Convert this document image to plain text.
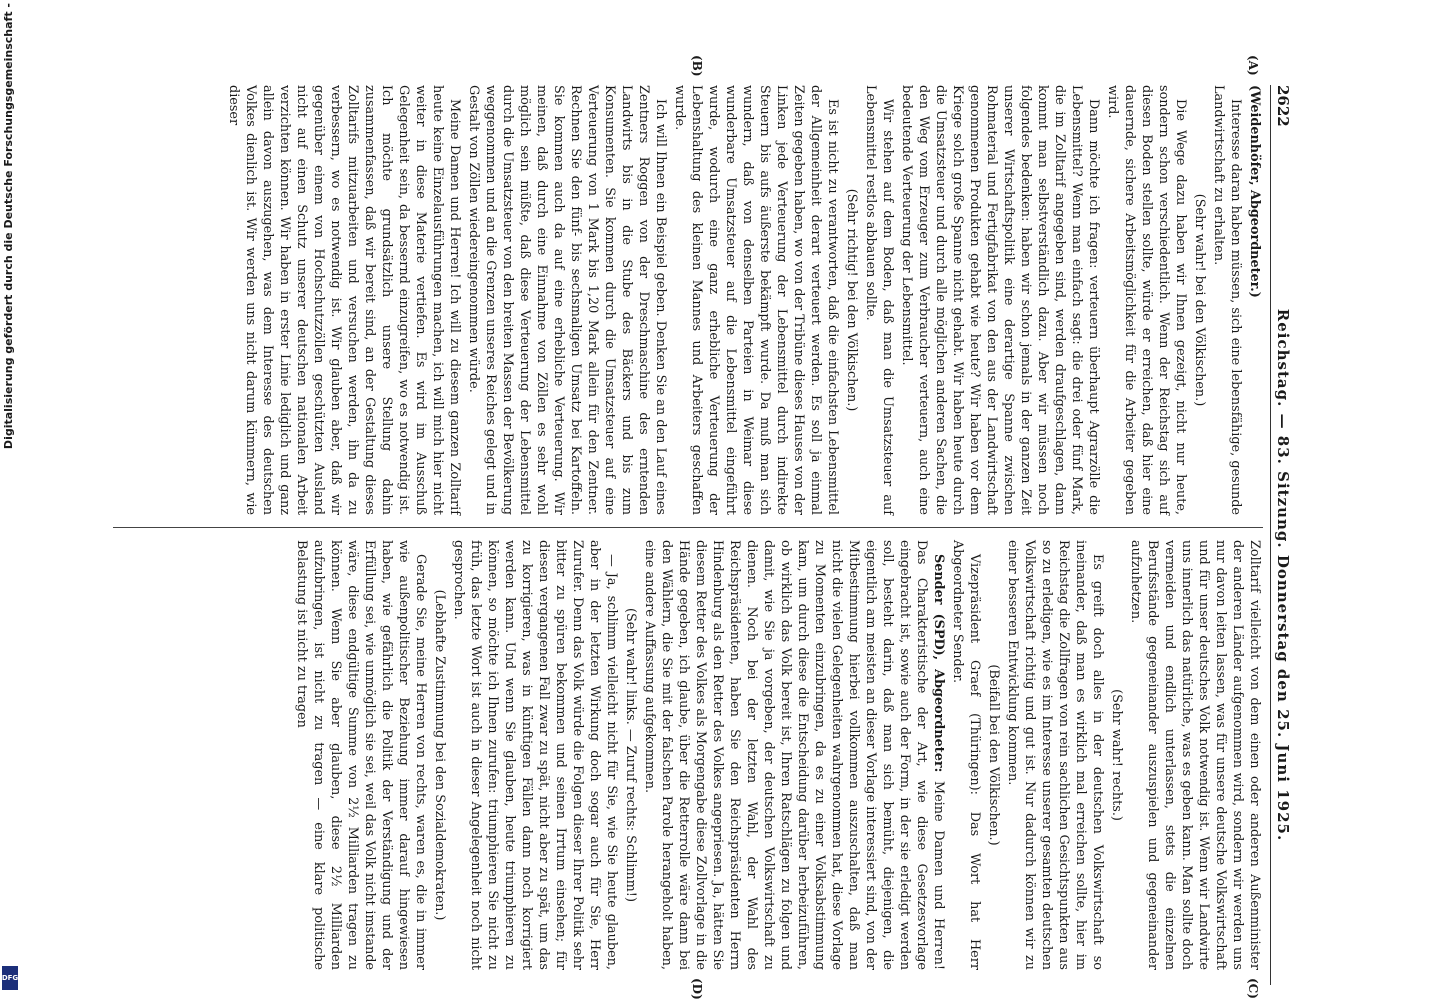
Digitalisierung gefördert durch die Deutsche Forschungsgemeinschaft -
DFG
2622
Reichstag. — 83. Sitzung. Donnerstag den 25. Juni 1925.
(A)
(B)
(C)
(D)

(Weidenhöfer, Abgeordneter.)

Interesse daran haben müssen, sich eine lebensfähige, gesunde Landwirtschaft zu erhalten.

(Sehr wahr! bei den Völkischen.)

Die Wege dazu haben wir Ihnen gezeigt, nicht nur heute, sondern schon verschiedentlich. Wenn der Reichstag sich auf diesen Boden stellen sollte, würde er erreichen, daß hier eine dauernde, sichere Arbeitsmöglichkeit für die Arbeiter gegeben wird.

Dann möchte ich fragen: verteuern überhaupt Agrarzölle die Lebensmittel? Wenn man einfach sagt: die drei oder fünf Mark, die im Zolltarif angegeben sind, werden draufgeschlagen, dann kommt man selbstverständlich dazu. Aber wir müssen noch folgendes bedenken: haben wir schon jemals in der ganzen Zeit unserer Wirtschaftspolitik eine derartige Spanne zwischen Rohmaterial und Fertigfabrikat von den aus der Landwirtschaft genommenen Produkten gehabt wie heute? Wir haben vor dem Kriege solch große Spanne nicht gehabt. Wir haben heute durch die Umsatzsteuer und durch alle möglichen anderen Sachen, die den Weg vom Erzeuger zum Verbraucher verteuern, auch eine bedeutende Verteuerung der Lebensmittel.

Wir stehen auf dem Boden, daß man die Umsatzsteuer auf Lebensmittel restlos abbauen sollte.

(Sehr richtig! bei den Völkischen.)

Es ist nicht zu verantworten, daß die einfachsten Lebensmittel der Allgemeinheit derart verteuert werden. Es soll ja einmal Zeiten gegeben haben, wo von der Tribüne dieses Hauses von der Linken jede Verteuerung der Lebensmittel durch indirekte Steuern bis aufs äußerste bekämpft wurde. Da muß man sich wundern, daß von denselben Parteien in Weimar diese wunderbare Umsatzsteuer auf die Lebensmittel eingeführt wurde, wodurch eine ganz erhebliche Verteuerung der Lebenshaltung des kleinen Mannes und Arbeiters geschaffen wurde.

Ich will Ihnen ein Beispiel geben. Denken Sie an den Lauf eines Zentners Roggen von der Dreschmaschine des erntenden Landwirts bis in die Stube des Bäckers und bis zum Konsumenten. Sie kommen durch die Umsatzsteuer auf eine Verteuerung von 1 Mark bis 1,20 Mark allein für den Zentner. Rechnen Sie den fünf- bis sechsmaligen Umsatz bei Kartoffeln. Sie kommen auch da auf eine erhebliche Verteuerung. Wir meinen, daß durch eine Einnahme von Zöllen es sehr wohl möglich sein müßte, daß diese Verteuerung der Lebensmittel durch die Umsatzsteuer von den breiten Massen der Bevölkerung weggenommen und an die Grenzen unseres Reiches gelegt und in Gestalt von Zöllen wiedereingenommen würde.

Meine Damen und Herren! Ich will zu diesem ganzen Zolltarif heute keine Einzelausführungen machen, ich will mich hier nicht weiter in diese Materie vertiefen. Es wird im Ausschuß Gelegenheit sein, da bessernd einzugreifen, wo es notwendig ist. Ich möchte grundsätzlich unsere Stellung dahin zusammenfassen, daß wir bereit sind, an der Gestaltung dieses Zolltarifs mitzuarbeiten und versuchen werden, ihn da zu verbessern, wo es notwendig ist. Wir glauben aber, daß wir gegenüber einem von Hochschutzzöllen geschützten Ausland nicht auf einen Schutz unserer deutschen nationalen Arbeit verzichten können. Wir haben in erster Linie lediglich und ganz allein davon auszugehen, was dem Interesse des deutschen Volkes dienlich ist. Wir werden uns nicht darum kümmern, wie dieser

Zolltarif vielleicht von dem einen oder anderen Außenminister der anderen Länder aufgenommen wird, sondern wir werden uns nur davon leiten lassen, was für unsere deutsche Volkswirtschaft und für unser deutsches Volk notwendig ist. Wenn wir Landwirte uns innerlich das natürliche, was es geben kann. Man sollte doch vermeiden und endlich unterlassen, stets die einzelnen Berufsstände gegeneinander auszuspielen und gegeneinander aufzuhetzen.

(Sehr wahr! rechts.)

Es greift doch alles in der deutschen Volkswirtschaft so ineinander, daß man es wirklich mal erreichen sollte, hier im Reichstag die Zollfragen von rein sachlichen Gesichtspunkten aus so zu erledigen, wie es im Interesse unserer gesamten deutschen Volkswirtschaft richtig und gut ist. Nur dadurch können wir zu einer besseren Entwicklung kommen.

(Beifall bei den Völkischen.)

Vizepräsident Graef (Thüringen): Das Wort hat Herr Abgeordneter Sender.

Sender (SPD), Abgeordneter: Meine Damen und Herren! Das Charakteristische der Art, wie diese Gesetzesvorlage eingebracht ist, sowie auch der Form, in der sie erledigt werden soll, besteht darin, daß man sich bemüht, diejenigen, die eigentlich am meisten an dieser Vorlage interessiert sind, von der Mitbestimmung hierbei vollkommen auszuschalten, daß man nicht die vielen Gelegenheiten wahrgenommen hat, diese Vorlage zu Momenten einzubringen, da es zu einer Volksabstimmung kam, um durch diese die Entscheidung darüber herbeizuführen, ob wirklich das Volk bereit ist, Ihren Ratschlägen zu folgen und damit, wie Sie ja vorgeben, der deutschen Volkswirtschaft zu dienen. Noch bei der letzten Wahl, der Wahl des Reichspräsidenten, haben Sie den Reichspräsidenten Herrn Hindenburg als den Retter des Volkes angepriesen. Ja, hätten Sie diesem Retter des Volkes als Morgengabe diese Zollvorlage in die Hände gegeben, ich glaube, über die Retterrolle wäre dann bei den Wählern, die Sie mit der falschen Parole herangeholt haben, eine andere Auffassung aufgekommen.

(Sehr wahr! links. — Zuruf rechts: Schlimm!)

— Ja, schlimm vielleicht nicht für Sie, wie Sie heute glauben, aber in der letzten Wirkung doch sogar auch für Sie, Herr Zurufer. Denn das Volk würde die Folgen dieser Ihrer Politik sehr bitter zu spüren bekommen und seinen Irrtum einsehen; für diesen vergangenen Fall zwar zu spät, nicht aber zu spät, um das zu korrigieren, was in künftigen Fällen dann noch korrigiert werden kann. Und wenn Sie glauben, heute triumphieren zu können, so möchte ich Ihnen zurufen: triumphieren Sie nicht zu früh, das letzte Wort ist auch in dieser Angelegenheit noch nicht gesprochen.

(Lebhafte Zustimmung bei den Sozialdemokraten.)

Gerade Sie, meine Herren von rechts, waren es, die in immer wie außenpolitischer Beziehung immer darauf hingewiesen haben, wie gefährlich die Politik der Verständigung und der Erfüllung sei, wie unmöglich sie sei, weil das Volk nicht imstande wäre, diese endgültige Summe von 2½ Milliarden tragen zu können. Wenn Sie aber glauben, diese 2½ Milliarden aufzubringen, ist nicht zu tragen — eine klare politische Belastung ist nicht zu tragen
